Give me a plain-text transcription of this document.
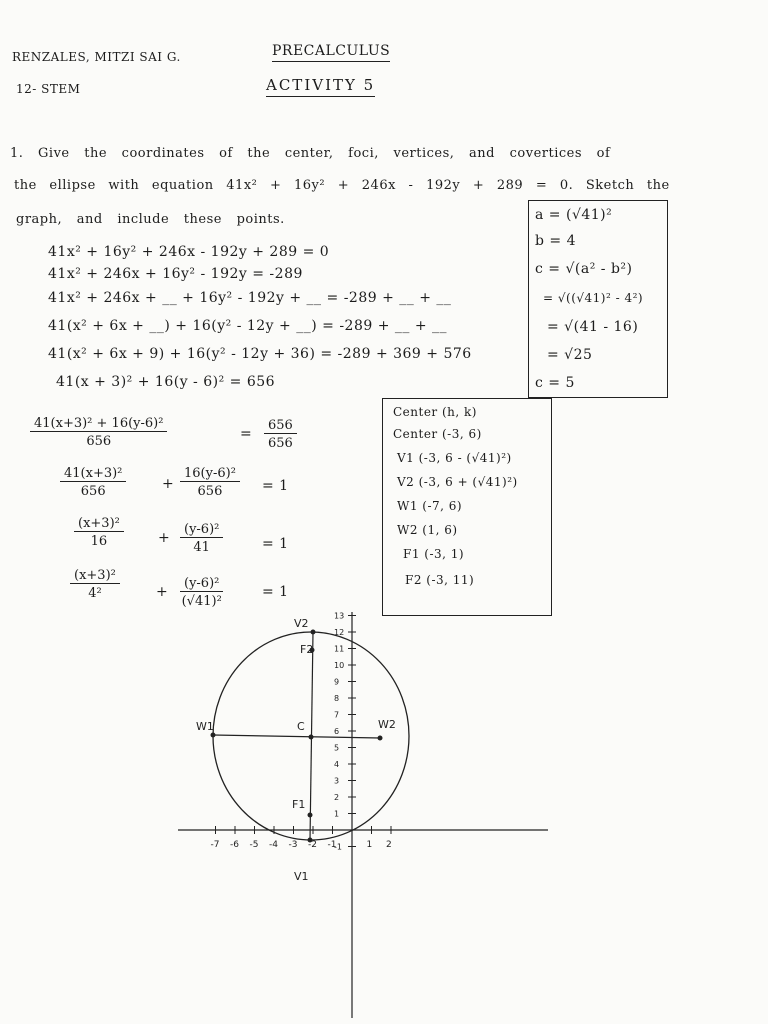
RENZALES, MITZI SAI G.
12- STEM
PRECALCULUS
ACTIVITY 5
1. Give the coordinates of the center, foci, vertices, and covertices of
the ellipse with equation 41x² + 16y² + 246x - 192y + 289 = 0. Sketch the
graph, and include these points.
41x² + 16y² + 246x - 192y + 289 = 0
41x² + 246x + 16y² - 192y = -289
41x² + 246x + __ + 16y² - 192y + __ = -289 + __ + __
41(x² + 6x + __) + 16(y² - 12y + __) = -289 + __ + __
41(x² + 6x + 9) + 16(y² - 12y + 36) = -289 + 369 + 576
41(x + 3)² + 16(y - 6)² = 656
$\frac{\text{41(x+3)² + 16(y-6)²}}{656}$	= $\frac{656}{656}$
$\frac{\text{41(x+3)²}}{656}$	+ $\frac{\text{16(y-6)²}}{656} = 1$
$\frac{\text{(x+3)²}}{16} + \frac{\text{(y-6)²}}{41}$	= 1
$\frac{\text{(x+3)²}}{\text{4²}}$	+ $\frac{\text{(y-6)²}}{\text{(√41)²}}$	= 1
a = (√41)²
b = 4
c = √(a² - b²)
= √((√41)² - 4²)
= √(41 - 16)
= √25
c = 5
Center (h, k)
Center (-3, 6)
V1 (-3, 6 - (√41)²)
V2 (-3, 6 + (√41)²)
W1 (-7, 6)
W2 (1, 6)
F1 (-3, 1)
F2 (-3, 11)
-7 -6 -5 -4 -3 -2 -1	1 2
13
12
11
10
9
8
7
6
5
4
3
2
1
-1
V2
V1
W1	W2
F2
F1
C
